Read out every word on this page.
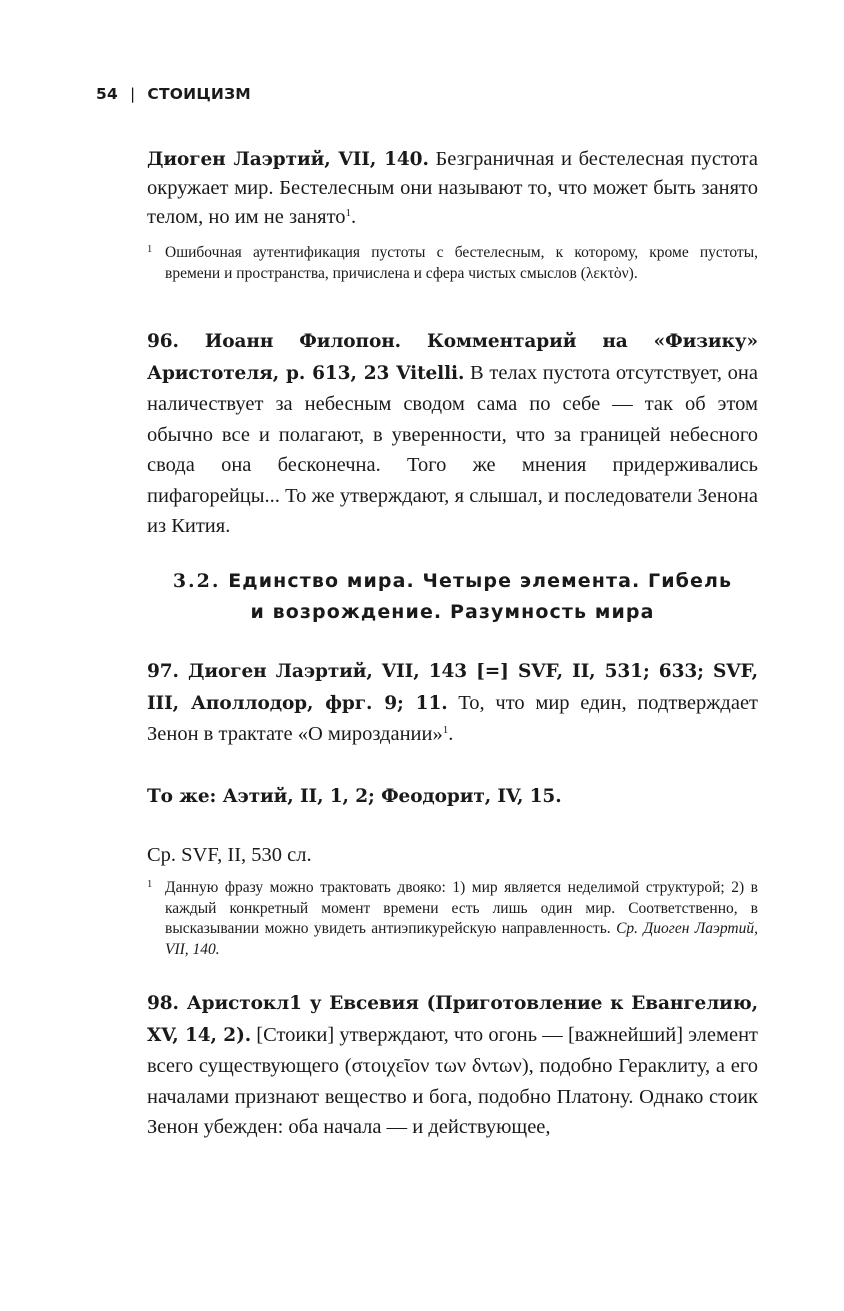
54 | СТОИЦИЗМ

Диоген Лаэртий, VII, 140. Безграничная и бестелесная пустота окружает мир. Бестелесным они называют то, что может быть занято телом, но им не занято$^1$.

1 Ошибочная аутентификация пустоты с бестелесным, к которому, кроме пустоты, времени и пространства, причислена и сфера чистых смыслов (λεκτὸν).

96. Иоанн Филопон. Комментарий на «Физику» Аристотеля, р. 613, 23 Vitelli. В телах пустота отсутствует, она наличествует за небесным сводом сама по себе — так об этом обычно все и полагают, в уверенности, что за границей небесного свода она бесконечна. Того же мнения придерживались пифагорейцы... То же утверждают, я слышал, и последователи Зенона из Кития.

3.2. Единство мира. Четыре элемента. Гибель
и возрождение. Разумность мира

97. Диоген Лаэртий, VII, 143 [=] SVF, II, 531; 633; SVF, III, Аполлодор, фрг. 9; 11. То, что мир един, подтверждает Зенон в трактате «О мироздании»$^1$.

То же: Аэтий, II, 1, 2; Феодорит, IV, 15.

Ср. SVF, II, 530 сл.

1 Данную фразу можно трактовать двояко: 1) мир является неделимой структурой; 2) в каждый конкретный момент времени есть лишь один мир. Соответственно, в высказывании можно увидеть антиэпикурейскую направленность. Ср. Диоген Лаэртий, VII, 140.

98. Аристокл1 у Евсевия (Приготовление к Евангелию, XV, 14, 2). [Стоики] утверждают, что огонь — [важнейший] элемент всего существующего (στοιχεῖον των δντων), подобно Гераклиту, а его началами признают вещество и бога, подобно Платону. Однако стоик Зенон убежден: оба начала — и действующее,
